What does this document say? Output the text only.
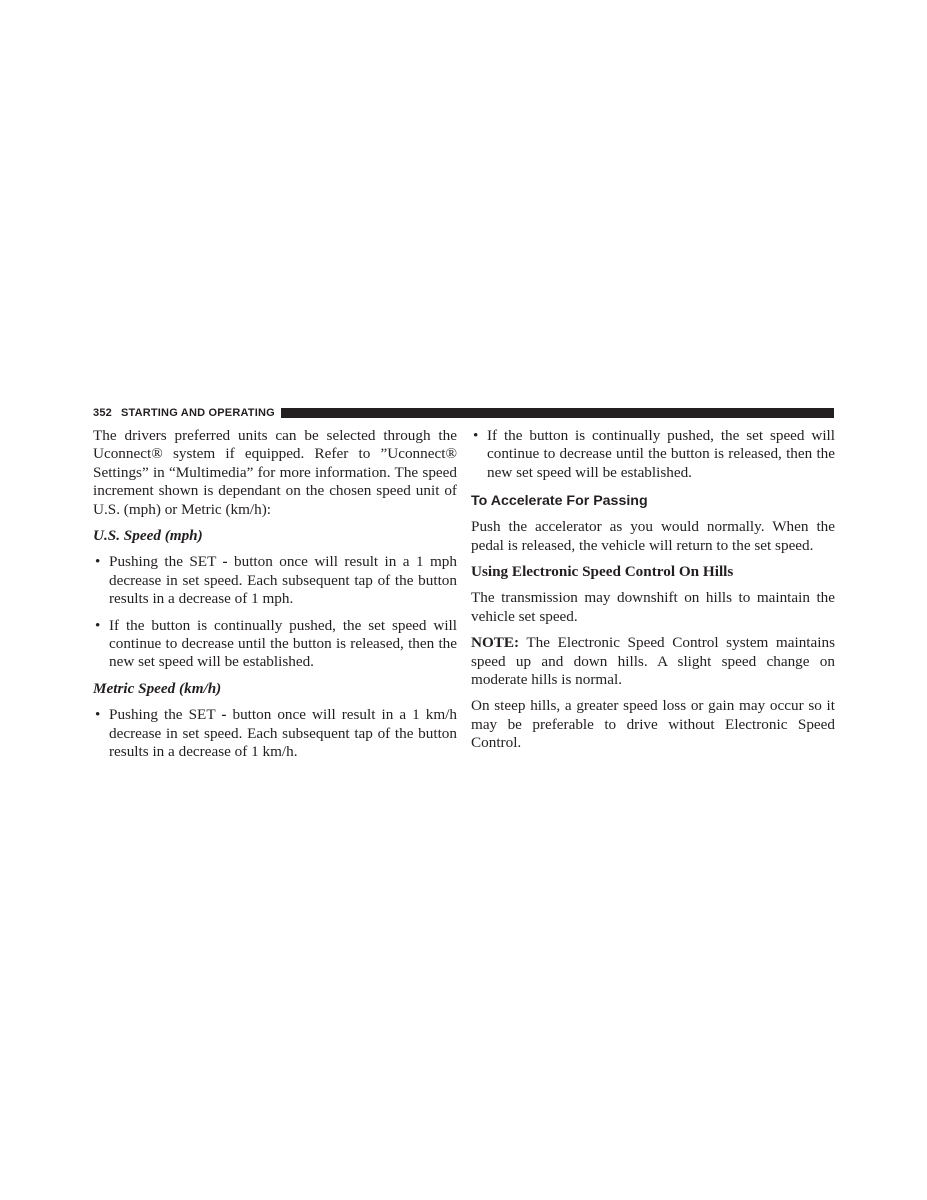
352 STARTING AND OPERATING

The drivers preferred units can be selected through the Uconnect® system if equipped. Refer to ”Uconnect® Settings” in “Multimedia” for more information. The speed increment shown is dependant on the chosen speed unit of U.S. (mph) or Metric (km/h):

U.S. Speed (mph)
• Pushing the SET - button once will result in a 1 mph decrease in set speed. Each subsequent tap of the button results in a decrease of 1 mph.
• If the button is continually pushed, the set speed will continue to decrease until the button is released, then the new set speed will be established.
Metric Speed (km/h)
• Pushing the SET - button once will result in a 1 km/h decrease in set speed. Each subsequent tap of the button results in a decrease of 1 km/h.
• If the button is continually pushed, the set speed will continue to decrease until the button is released, then the new set speed will be established.
To Accelerate For Passing

Push the accelerator as you would normally. When the pedal is released, the vehicle will return to the set speed.

Using Electronic Speed Control On Hills

The transmission may downshift on hills to maintain the vehicle set speed.

NOTE: The Electronic Speed Control system maintains speed up and down hills. A slight speed change on moderate hills is normal.

On steep hills, a greater speed loss or gain may occur so it may be preferable to drive without Electronic Speed Control.
